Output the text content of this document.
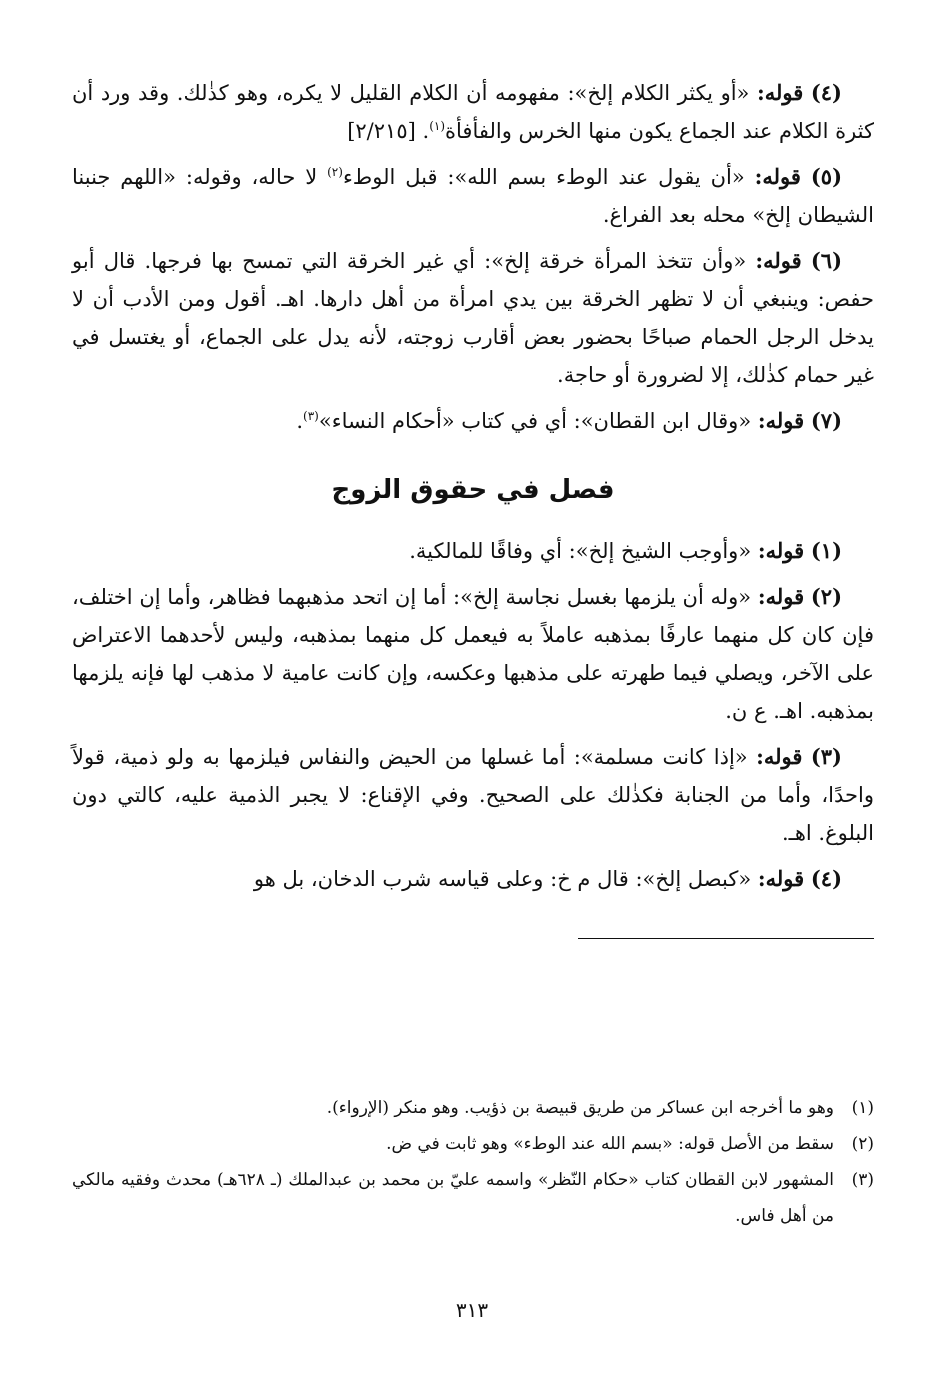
(٤) قوله: «أو يكثر الكلام إلخ»: مفهومه أن الكلام القليل لا يكره، وهو كذٰلك. وقد ورد أن كثرة الكلام عند الجماع يكون منها الخرس والفأفأة$^{(١)}$. [٢/٢١٥]

(٥) قوله: «أن يقول عند الوطء بسم الله»: قبل الوطء$^{(٢)}$ لا حاله، وقوله: «اللهم جنبنا الشيطان إلخ» محله بعد الفراغ.

(٦) قوله: «وأن تتخذ المرأة خرقة إلخ»: أي غير الخرقة التي تمسح بها فرجها. قال أبو حفص: وينبغي أن لا تظهر الخرقة بين يدي امرأة من أهل دارها. اهـ. أقول ومن الأدب أن لا يدخل الرجل الحمام صباحًا بحضور بعض أقارب زوجته، لأنه يدل على الجماع، أو يغتسل في غير حمام كذٰلك، إلا لضرورة أو حاجة.

(٧) قوله: «وقال ابن القطان»: أي في كتاب «أحكام النساء»$^{(٣)}$.

فصل في حقوق الزوج

(١) قوله: «وأوجب الشيخ إلخ»: أي وفاقًا للمالكية.

(٢) قوله: «وله أن يلزمها بغسل نجاسة إلخ»: أما إن اتحد مذهبهما فظاهر، وأما إن اختلف، فإن كان كل منهما عارفًا بمذهبه عاملاً به فيعمل كل منهما بمذهبه، وليس لأحدهما الاعتراض على الآخر، ويصلي فيما طهرته على مذهبها وعكسه، وإن كانت عامية لا مذهب لها فإنه يلزمها بمذهبه. اهـ. ع ن.

(٣) قوله: «إذا كانت مسلمة»: أما غسلها من الحيض والنفاس فيلزمها به ولو ذمية، قولاً واحدًا، وأما من الجنابة فكذٰلك على الصحيح. وفي الإقناع: لا يجبر الذمية عليه، كالتي دون البلوغ. اهـ.

(٤) قوله: «كبصل إلخ»: قال م خ: وعلى قياسه شرب الدخان، بل هو

(١)
وهو ما أخرجه ابن عساكر من طريق قبيصة بن ذؤيب. وهو منكر (الإرواء).
(٢)
سقط من الأصل قوله: «بسم الله عند الوطء» وهو ثابت في ض.
(٣)
المشهور لابن القطان كتاب «حكام النّظر» واسمه عليّ بن محمد بن عبدالملك (ـ ٦٢٨هـ) محدث وفقيه مالكي من أهل فاس.
٣١٣
